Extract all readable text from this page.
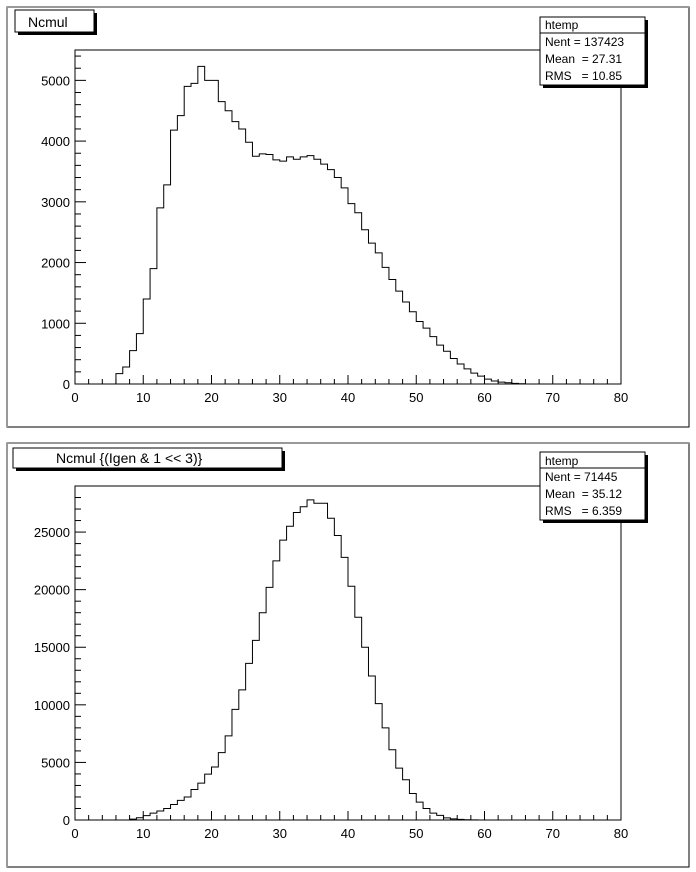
Ncmul
0	10	20	30	40	50	60	70	80
0
1000
2000
3000
4000
5000
htemp
Nent = 137423
Mean  = 27.31
RMS   = 10.85
Ncmul {(Igen & 1 << 3)}
0	10	20	30	40	50	60	70	80
0
5000
10000
15000
20000
25000
htemp
Nent = 71445
Mean  = 35.12
RMS   = 6.359
